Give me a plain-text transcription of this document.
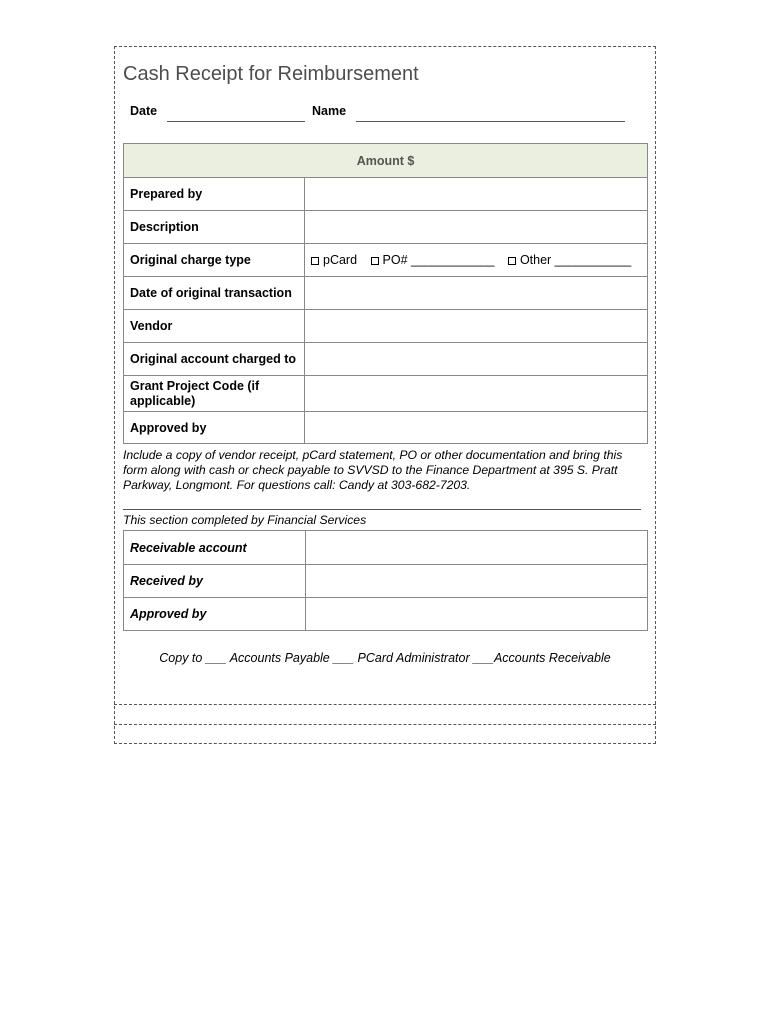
Cash Receipt for Reimbursement
Date	Name
Amount $	
Prepared by	
Description	
Original charge type	pCard PO# ____________ Other ___________
Date of original transaction	
Vendor	
Original account charged to	
Grant Project Code (if applicable)	
Approved by	
Include a copy of vendor receipt, pCard statement, PO or other documentation and bring this form along with cash or check payable to SVVSD to the Finance Department at 395 S. Pratt Parkway, Longmont. For questions call: Candy at 303-682-7203.
This section completed by Financial Services
Receivable account	
Received by	
Approved by	
Copy to ___ Accounts Payable ___ PCard Administrator ___Accounts Receivable
